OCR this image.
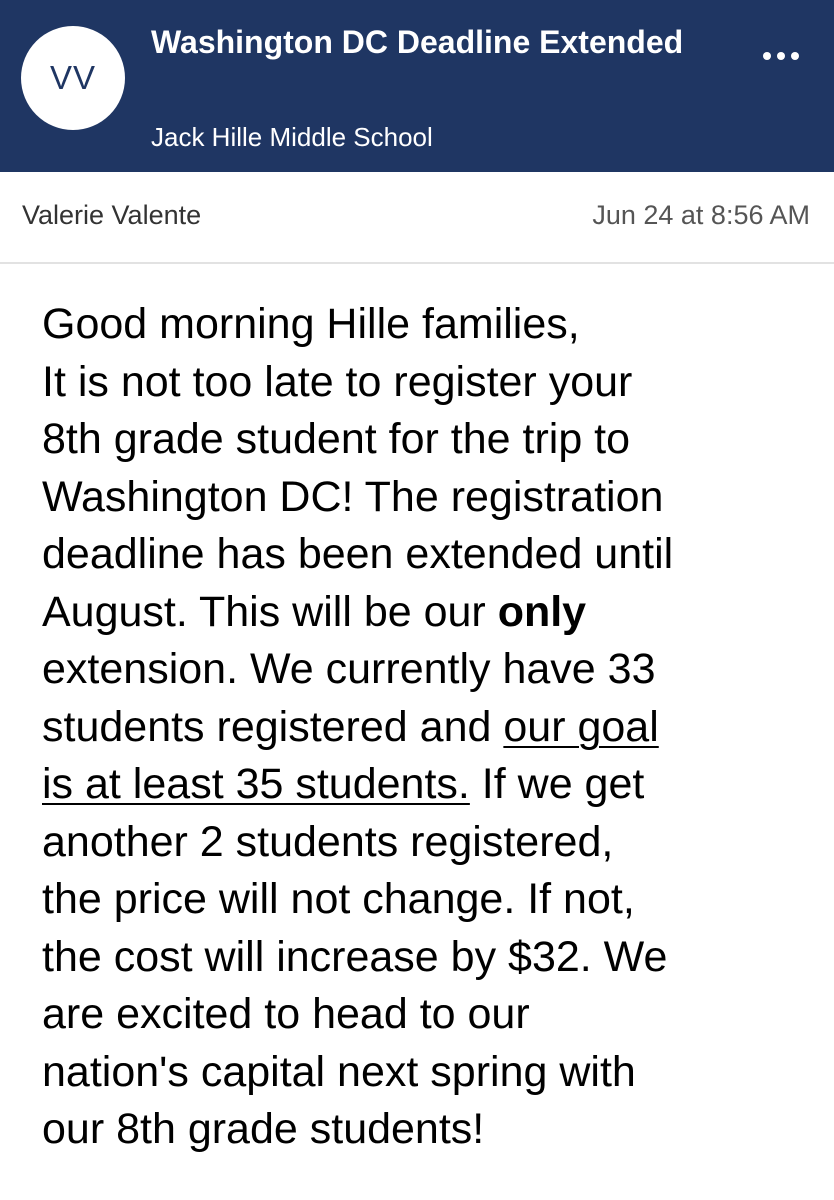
VV
Washington DC Deadline Extended
Jack Hille Middle School
Valerie Valente	Jun 24 at 8:56 AM
Good morning Hille families,
It is not too late to register your
8th grade student for the trip to
Washington DC! The registration
deadline has been extended until
August. This will be our only
extension. We currently have 33
students registered and our goal
is at least 35 students. If we get
another 2 students registered,
the price will not change. If not,
the cost will increase by $32. We
are excited to head to our
nation's capital next spring with
our 8th grade students!
